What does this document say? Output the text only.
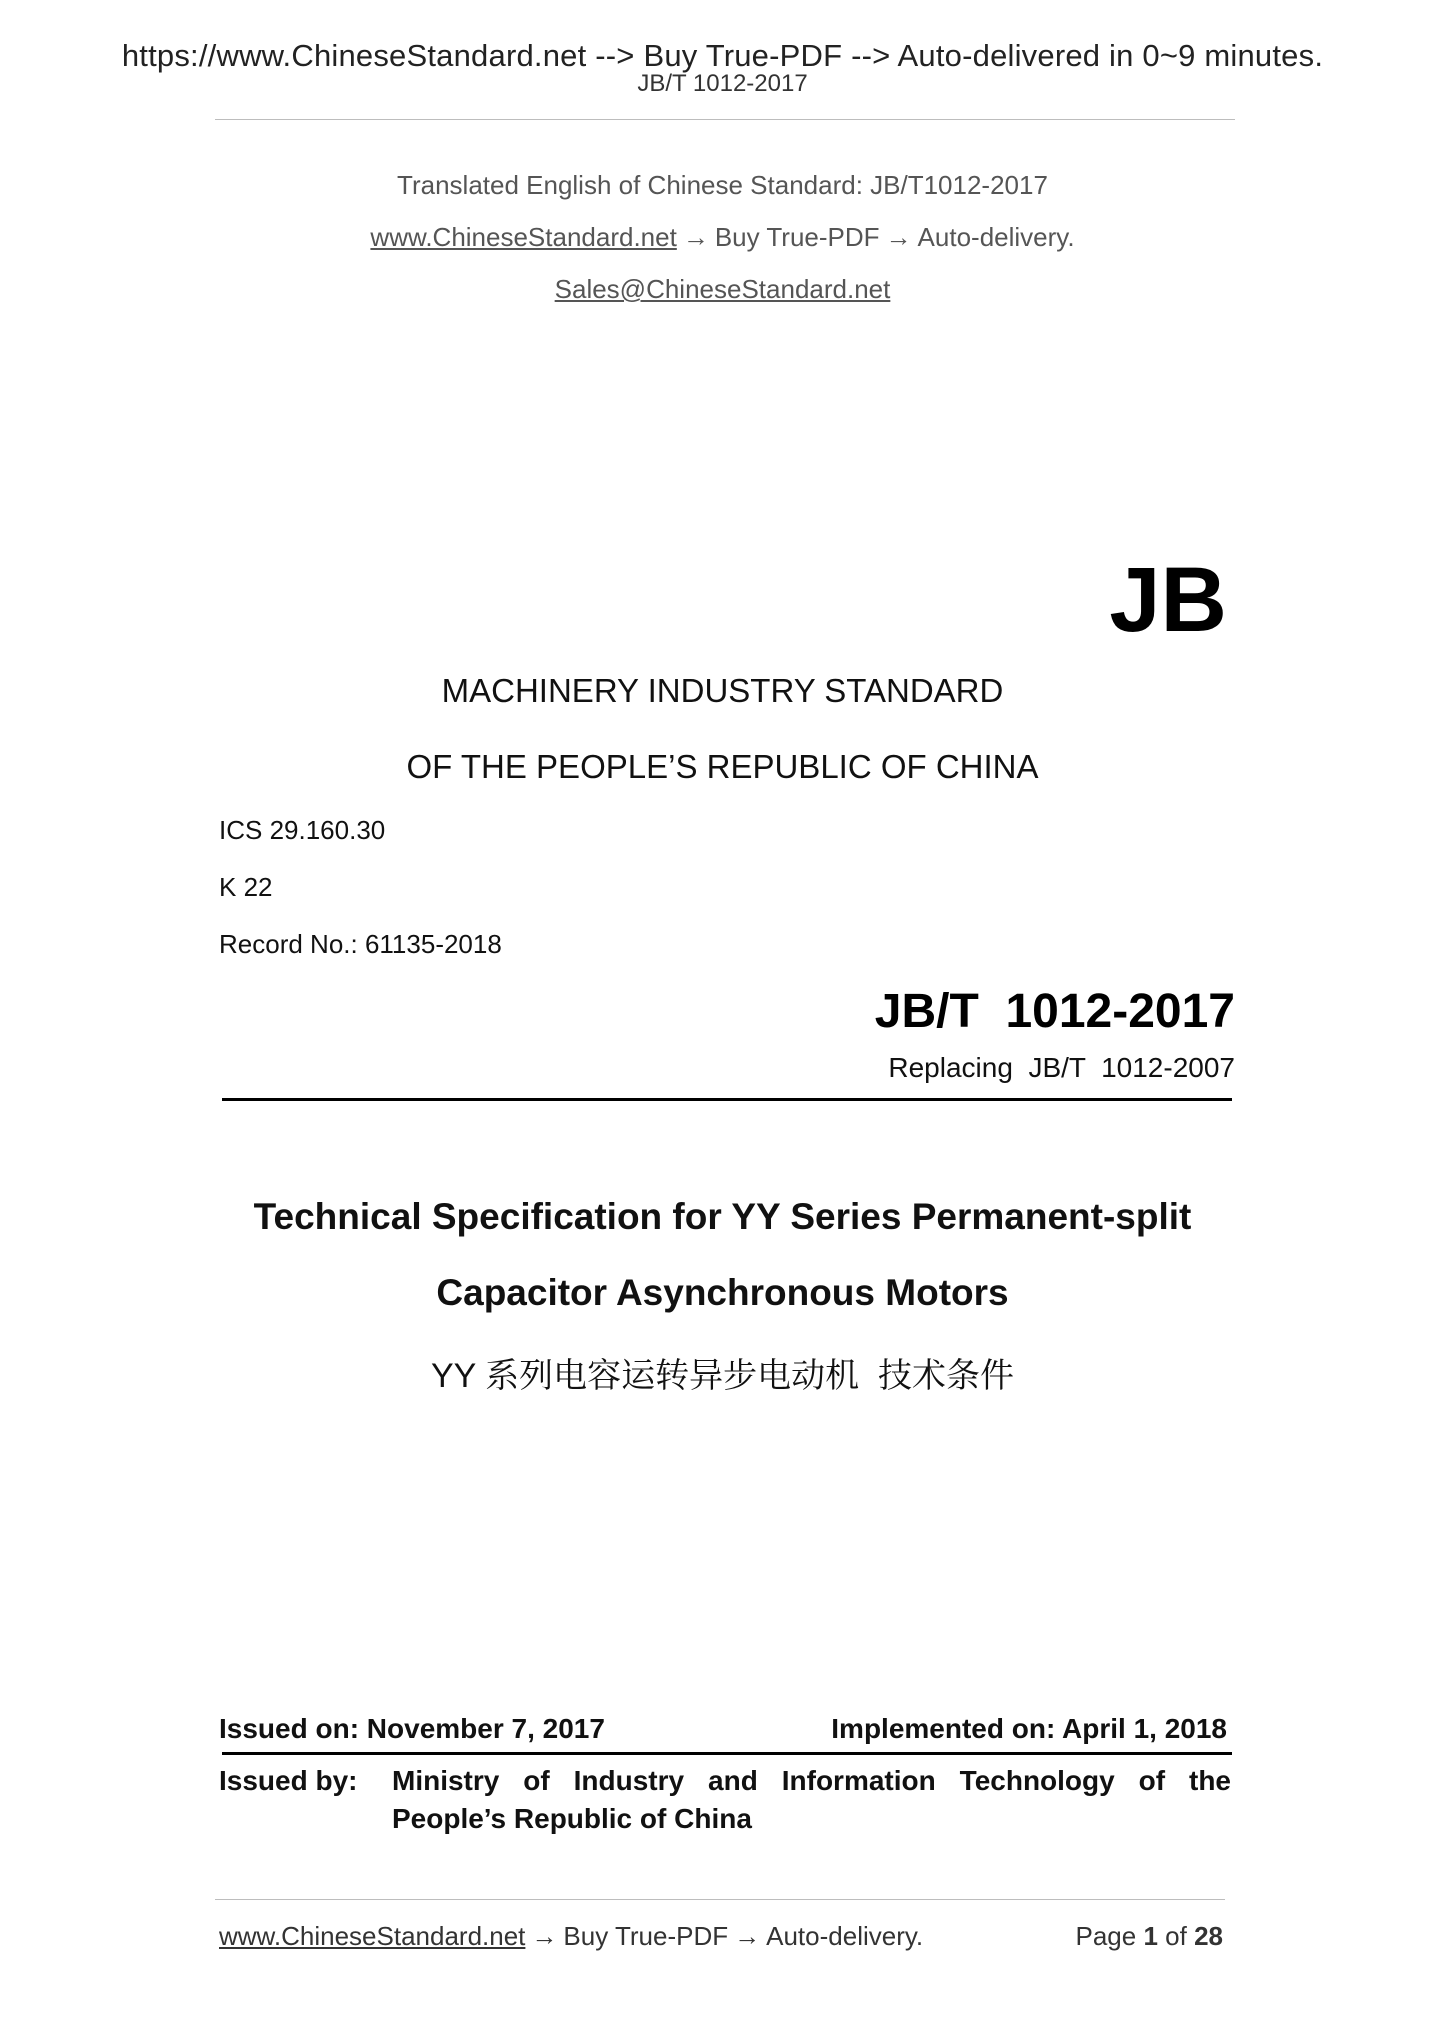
https://www.ChineseStandard.net --> Buy True-PDF --> Auto-delivered in 0~9 minutes.
JB/T 1012-2017
Translated English of Chinese Standard: JB/T1012-2017
www.ChineseStandard.net → Buy True-PDF → Auto-delivery.
Sales@ChineseStandard.net
JB
MACHINERY INDUSTRY STANDARD
OF THE PEOPLE’S REPUBLIC OF CHINA
ICS 29.160.30
K 22
Record No.: 61135-2018
JB/T  1012-2017
Replacing  JB/T  1012-2007
Technical Specification for YY Series Permanent-split
Capacitor Asynchronous Motors
YY 系列电容运转异步电动机  技术条件
Issued on: November 7, 2017	Implemented on: April 1, 2018
Issued by: Ministry of Industry and Information Technology of the
People’s Republic of China
www.ChineseStandard.net → Buy True-PDF → Auto-delivery.	Page 1 of 28
